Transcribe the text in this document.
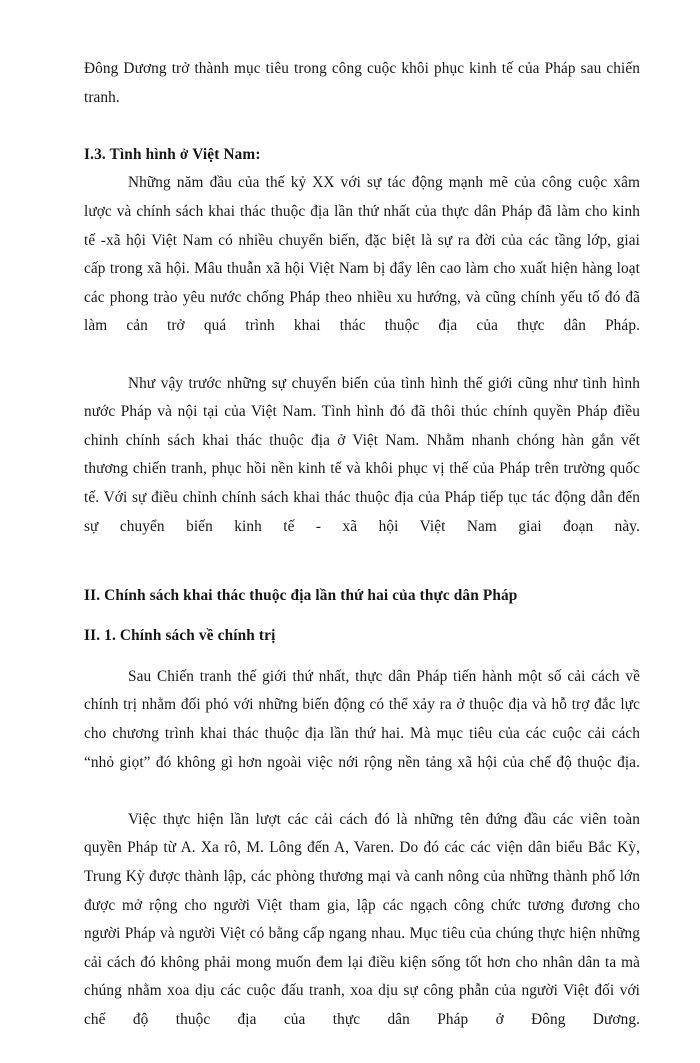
Đông Dương trở thành mục tiêu trong công cuộc khôi phục kinh tế của Pháp sau chiến tranh.

I.3. Tình hình ở Việt Nam:

Những năm đầu của thế kỷ XX với sự tác động mạnh mẽ của công cuộc xâm lược và chính sách khai thác thuộc địa lần thứ nhất của thực dân Pháp đã làm cho kinh tế -xã hội Việt Nam có nhiều chuyển biến, đặc biệt là sự ra đời của các tầng lớp, giai cấp trong xã hội. Mâu thuẫn xã hội Việt Nam bị đẩy lên cao làm cho xuất hiện hàng loạt các phong trào yêu nước chống Pháp theo nhiều xu hướng, và cũng chính yếu tố đó đã làm cản trở quá trình khai thác thuộc địa của thực dân Pháp.

Như vậy trước những sự chuyển biến của tình hình thế giới cũng như tình hình nước Pháp và nội tại của Việt Nam. Tình hình đó đã thôi thúc chính quyền Pháp điều chinh chính sách khai thác thuộc địa ở Việt Nam. Nhằm nhanh chóng hàn gắn vết thương chiến tranh, phục hồi nền kinh tế và khôi phục vị thế của Pháp trên trường quốc tế. Với sự điều chỉnh chính sách khai thác thuộc địa của Pháp tiếp tục tác động dẫn đến sự chuyển biến kinh tế - xã hội Việt Nam giai đoạn này.

II. Chính sách khai thác thuộc địa lần thứ hai của thực dân Pháp
II. 1. Chính sách về chính trị

Sau Chiến tranh thế giới thứ nhất, thực dân Pháp tiến hành một số cải cách về chính trị nhằm đối phó với những biến động có thể xảy ra ở thuộc địa và hỗ trợ đắc lực cho chương trình khai thác thuộc địa lần thứ hai. Mà mục tiêu của các cuộc cải cách “nhỏ giọt” đó không gì hơn ngoài việc nới rộng nền tảng xã hội của chế độ thuộc địa.

Việc thực hiện lần lượt các cải cách đó là những tên đứng đầu các viên toàn quyền Pháp từ A. Xa rô, M. Lông đến A, Varen. Do đó các các viện dân biểu Bắc Kỳ, Trung Kỳ được thành lập, các phòng thương mại và canh nông của những thành phố lớn được mở rộng cho người Việt tham gia, lập các ngạch công chức tương đương cho người Pháp và người Việt có bằng cấp ngang nhau. Mục tiêu của chúng thực hiện những cải cách đó không phải mong muốn đem lại điều kiện sống tốt hơn cho nhân dân ta mà chúng nhằm xoa dịu các cuộc đấu tranh, xoa dịu sự công phẫn của người Việt đối với chế độ thuộc địa của thực dân Pháp ở Đông Dương.
